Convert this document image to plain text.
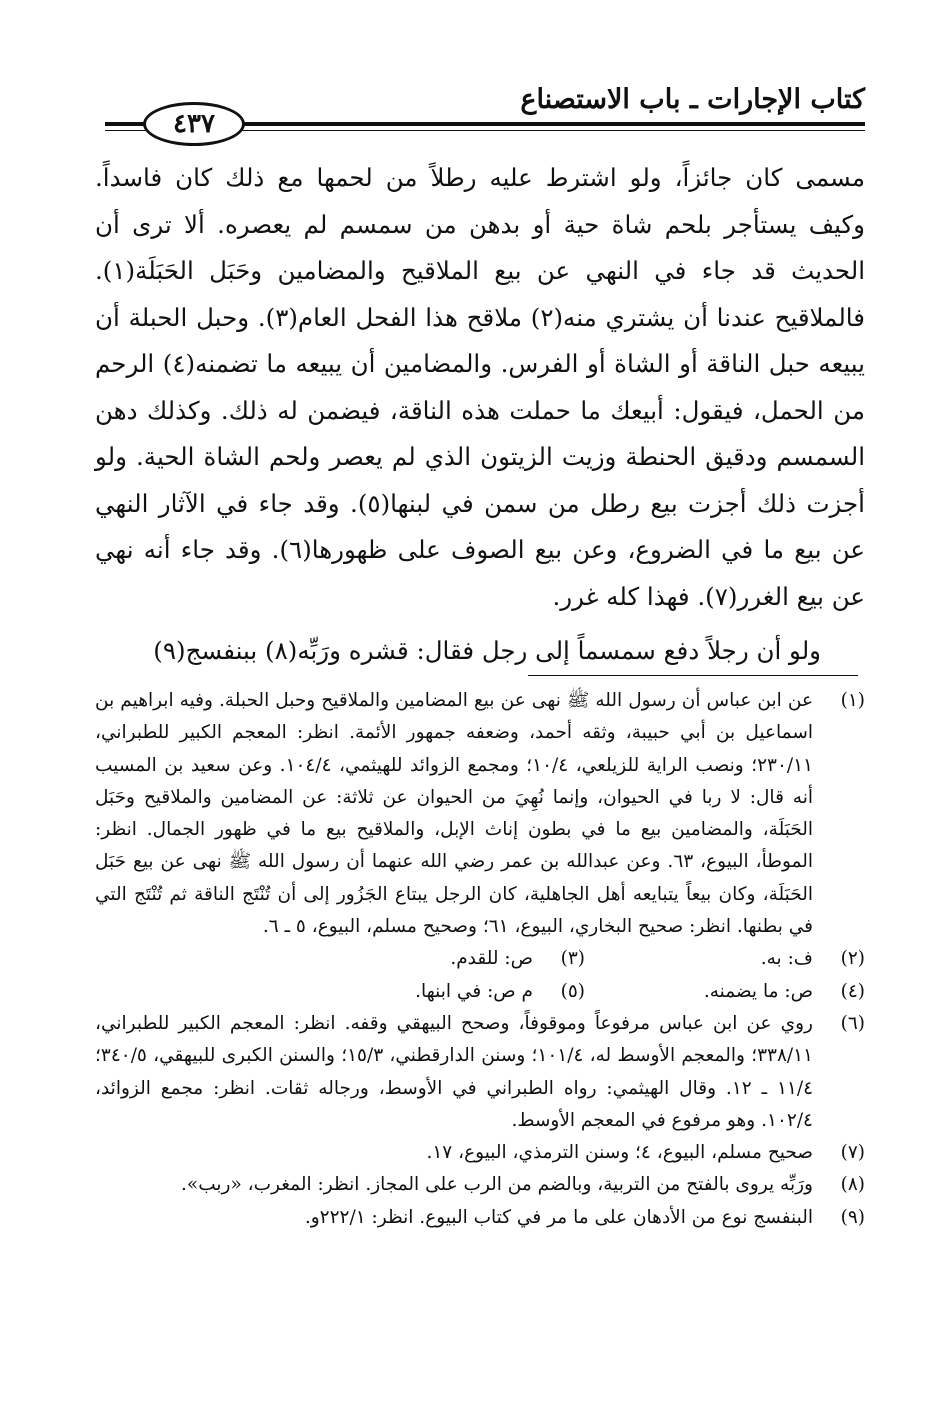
كتاب الإجارات ـ باب الاستصناع
٤٣٧

مسمى كان جائزاً، ولو اشترط عليه رطلاً من لحمها مع ذلك كان فاسداً. وكيف يستأجر بلحم شاة حية أو بدهن من سمسم لم يعصره. ألا ترى أن الحديث قد جاء في النهي عن بيع الملاقيح والمضامين وحَبَل الحَبَلَة(١). فالملاقيح عندنا أن يشتري منه(٢) ملاقح هذا الفحل العام(٣). وحبل الحبلة أن يبيعه حبل الناقة أو الشاة أو الفرس. والمضامين أن يبيعه ما تضمنه(٤) الرحم من الحمل، فيقول: أبيعك ما حملت هذه الناقة، فيضمن له ذلك. وكذلك دهن السمسم ودقيق الحنطة وزيت الزيتون الذي لم يعصر ولحم الشاة الحية. ولو أجزت ذلك أجزت بيع رطل من سمن في لبنها(٥). وقد جاء في الآثار النهي عن بيع ما في الضروع، وعن بيع الصوف على ظهورها(٦). وقد جاء أنه نهي عن بيع الغرر(٧). فهذا كله غرر.

ولو أن رجلاً دفع سمسماً إلى رجل فقال: قشره ورَبِّه(٨) ببنفسج(٩)

(١)
عن ابن عباس أن رسول الله ﷺ نهى عن بيع المضامين والملاقيح وحبل الحبلة. وفيه ابراهيم بن اسماعيل بن أبي حبيبة، وثقه أحمد، وضعفه جمهور الأئمة. انظر: المعجم الكبير للطبراني، ٢٣٠/١١؛ ونصب الراية للزيلعي، ١٠/٤؛ ومجمع الزوائد للهيثمي، ١٠٤/٤. وعن سعيد بن المسيب أنه قال: لا ربا في الحيوان، وإنما نُهِيَ من الحيوان عن ثلاثة: عن المضامين والملاقيح وحَبَل الحَبَلَة، والمضامين بيع ما في بطون إناث الإبل، والملاقيح بيع ما في ظهور الجمال. انظر: الموطأ، البيوع، ٦٣. وعن عبدالله بن عمر رضي الله عنهما أن رسول الله ﷺ نهى عن بيع حَبَل الحَبَلَة، وكان بيعاً يتبايعه أهل الجاهلية، كان الرجل يبتاع الجَزُور إلى أن تُنْتَج الناقة ثم تُنْتَج التي في بطنها. انظر: صحيح البخاري، البيوع، ٦١؛ وصحيح مسلم، البيوع، ٥ ـ ٦.
(٢)
ف: به.
(٣)
ص: للقدم.
(٤)
ص: ما يضمنه.
(٥)
م ص: في ابنها.
(٦)
روي عن ابن عباس مرفوعاً وموقوفاً، وصحح البيهقي وقفه. انظر: المعجم الكبير للطبراني، ٣٣٨/١١؛ والمعجم الأوسط له، ١٠١/٤؛ وسنن الدارقطني، ١٥/٣؛ والسنن الكبرى للبيهقي، ٣٤٠/٥؛ ١١/٤ ـ ١٢. وقال الهيثمي: رواه الطبراني في الأوسط، ورجاله ثقات. انظر: مجمع الزوائد، ١٠٢/٤. وهو مرفوع في المعجم الأوسط.
(٧)
صحيح مسلم، البيوع، ٤؛ وسنن الترمذي، البيوع، ١٧.
(٨)
ورَبِّه يروى بالفتح من التربية، وبالضم من الرب على المجاز. انظر: المغرب، «ربب».
(٩)
البنفسج نوع من الأدهان على ما مر في كتاب البيوع. انظر: ٢٢٢/١و.
